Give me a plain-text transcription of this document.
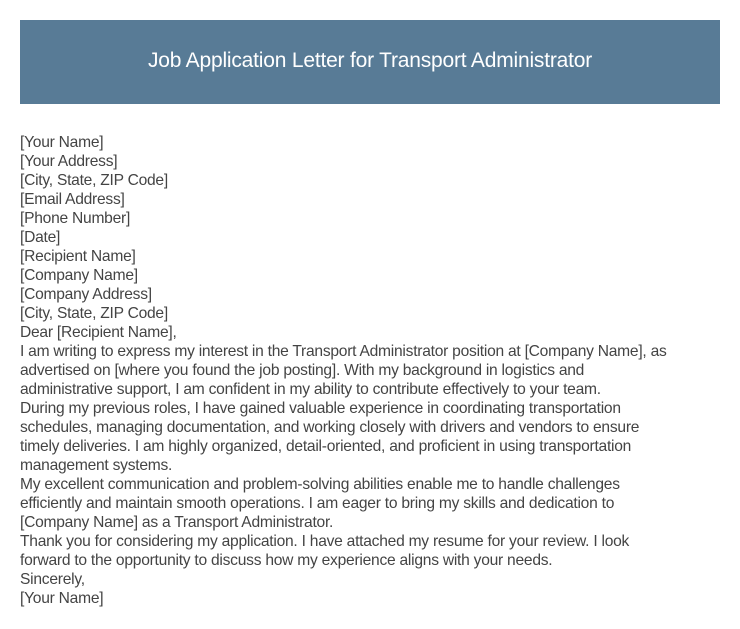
Job Application Letter for Transport Administrator
[Your Name]
[Your Address]
[City, State, ZIP Code]
[Email Address]
[Phone Number]
[Date]
[Recipient Name]
[Company Name]
[Company Address]
[City, State, ZIP Code]
Dear [Recipient Name],
I am writing to express my interest in the Transport Administrator position at [Company Name], as
advertised on [where you found the job posting]. With my background in logistics and
administrative support, I am confident in my ability to contribute effectively to your team.
During my previous roles, I have gained valuable experience in coordinating transportation
schedules, managing documentation, and working closely with drivers and vendors to ensure
timely deliveries. I am highly organized, detail-oriented, and proficient in using transportation
management systems.
My excellent communication and problem-solving abilities enable me to handle challenges
efficiently and maintain smooth operations. I am eager to bring my skills and dedication to
[Company Name] as a Transport Administrator.
Thank you for considering my application. I have attached my resume for your review. I look
forward to the opportunity to discuss how my experience aligns with your needs.
Sincerely,
[Your Name]
